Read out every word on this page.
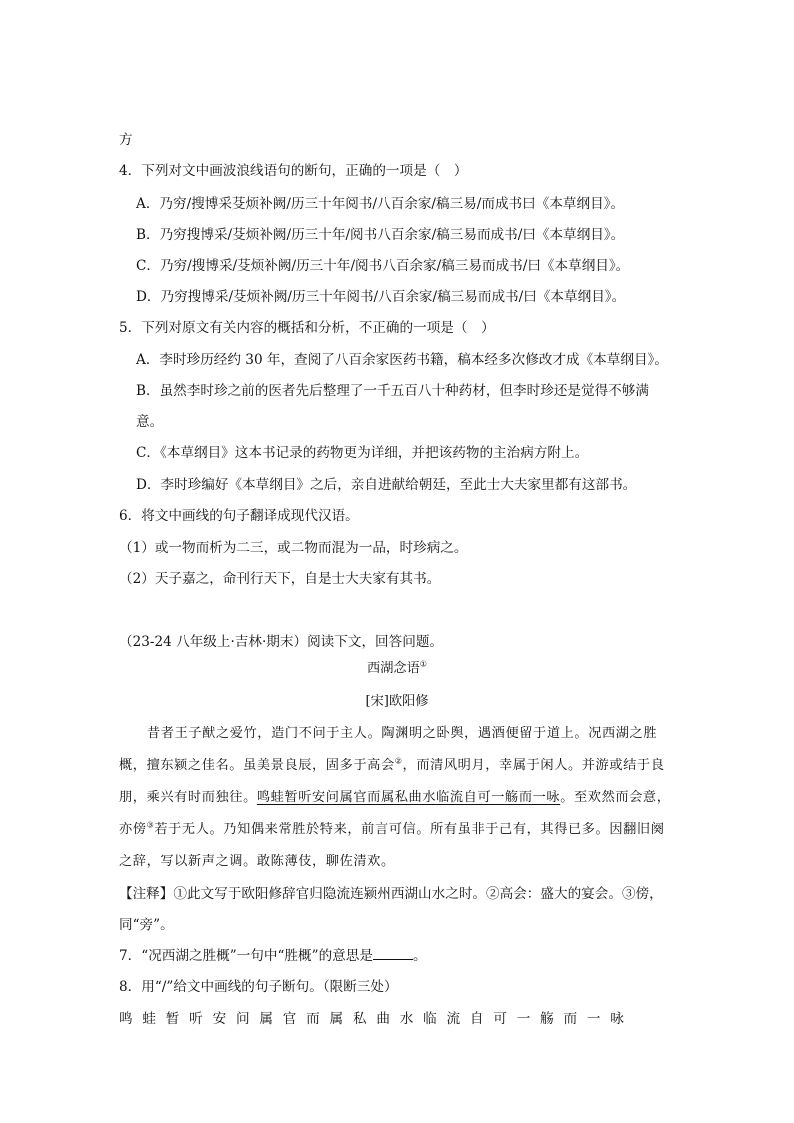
方
4．下列对文中画波浪线语句的断句，正确的一项是（　）
A．乃穷/搜博采芟烦补阙/历三十年阅书/八百余家/稿三易/而成书曰《本草纲目》。
B．乃穷搜博采/芟烦补阙/历三十年/阅书八百余家/稿三易而成书/曰《本草纲目》。
C．乃穷/搜博采/芟烦补阙/历三十年/阅书八百余家/稿三易而成书/曰《本草纲目》。
D．乃穷搜博采/芟烦补阙/历三十年阅书/八百余家/稿三易而成书/曰《本草纲目》。
5．下列对原文有关内容的概括和分析，不正确的一项是（　）
A．李时珍历经约 30 年，查阅了八百余家医药书籍，稿本经多次修改才成《本草纲目》。
B．虽然李时珍之前的医者先后整理了一千五百八十种药材，但李时珍还是觉得不够满
意。
C．《本草纲目》这本书记录的药物更为详细，并把该药物的主治病方附上。
D．李时珍编好《本草纲目》之后，亲自进献给朝廷，至此士大夫家里都有这部书。
6．将文中画线的句子翻译成现代汉语。
（1）或一物而析为二三，或二物而混为一品，时珍病之。
（2）天子嘉之，命刊行天下，自是士大夫家有其书。
（23-24 八年级上·吉林·期末）阅读下文，回答问题。
西湖念语①
[宋]欧阳修
昔者王子猷之爱竹，造门不问于主人。陶渊明之卧舆，遇酒便留于道上。况西湖之胜
概，擅东颍之佳名。虽美景良辰，固多于高会②，而清风明月，幸属于闲人。并游或结于良
朋，乘兴有时而独往。鸣蛙暂听安问属官而属私曲水临流自可一觞而一咏。至欢然而会意，
亦傍③若于无人。乃知偶来常胜於特来，前言可信。所有虽非于己有，其得已多。因翻旧阕
之辞，写以新声之调。敢陈薄伎，聊佐清欢。
【注释】①此文写于欧阳修辞官归隐流连颍州西湖山水之时。②高会：盛大的宴会。③傍，
同“旁”。
7．“况西湖之胜概”一句中“胜概”的意思是	。
8．用“/”给文中画线的句子断句。（限断三处）
鸣蛙暂听安问属官而属私曲水临流自可一觞而一咏
